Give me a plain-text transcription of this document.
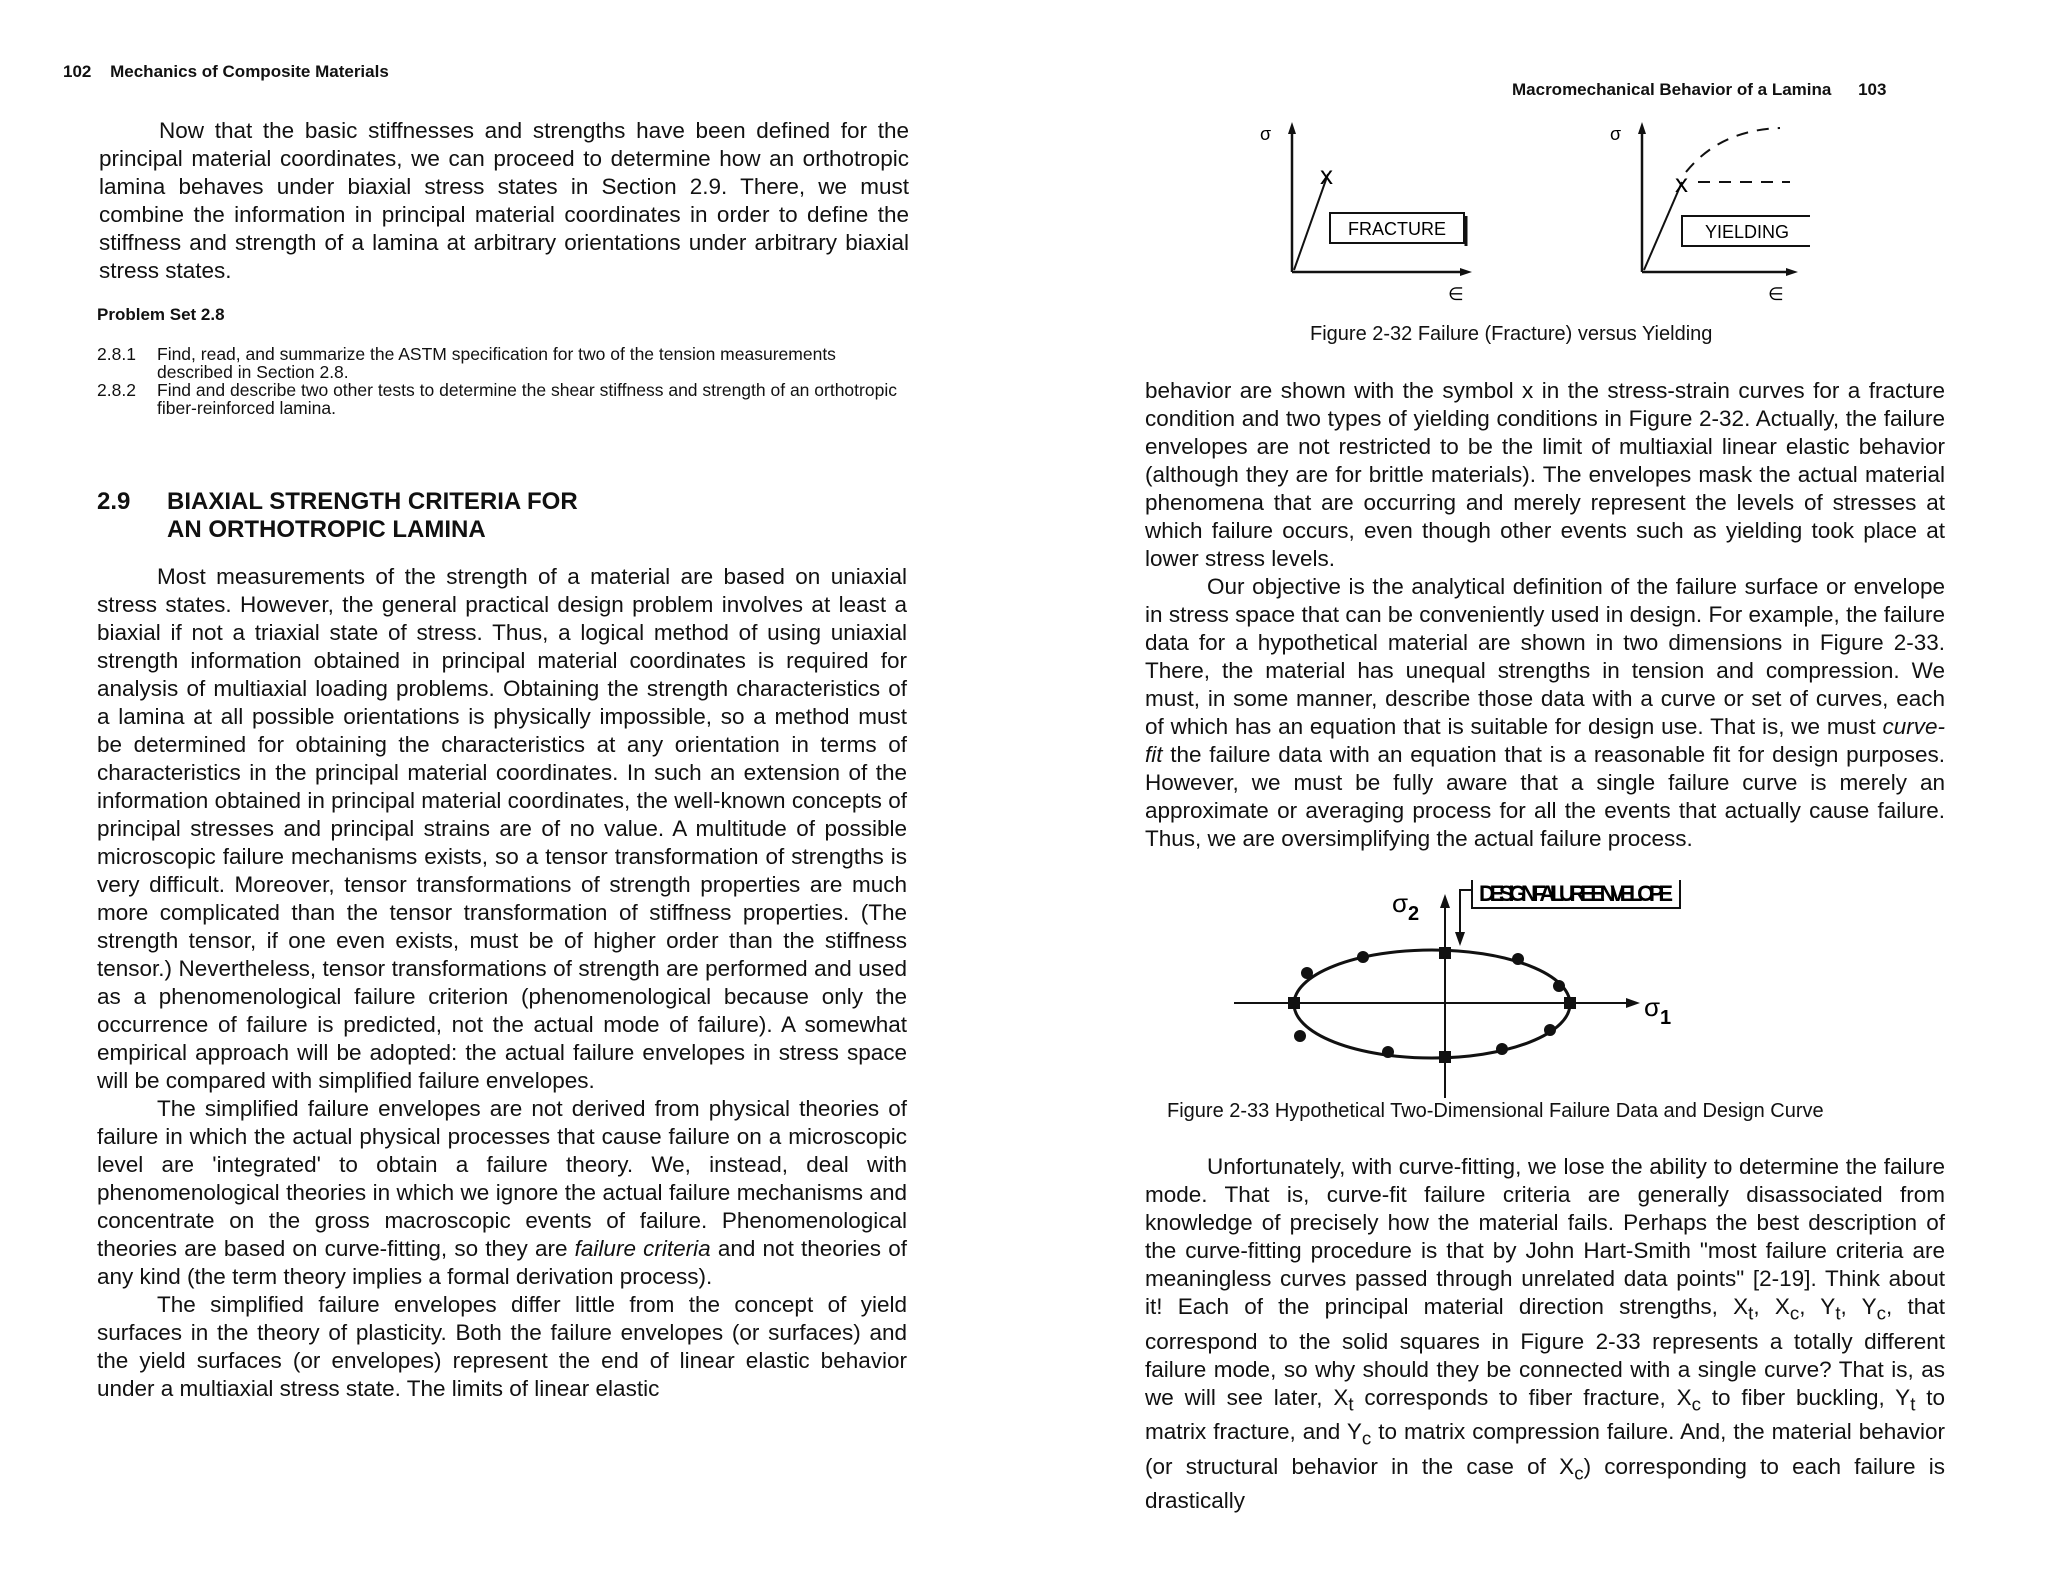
102 Mechanics of Composite Materials

Now that the basic stiffnesses and strengths have been defined for the principal material coordinates, we can proceed to determine how an orthotropic lamina behaves under biaxial stress states in Section 2.9. There, we must combine the information in principal material coordinates in order to define the stiffness and strength of a lamina at arbitrary orientations under arbitrary biaxial stress states.

Problem Set 2.8
2.8.1	Find, read, and summarize the ASTM specification for two of the tension measurements described in Section 2.8.
2.8.2	Find and describe two other tests to determine the shear stiffness and strength of an orthotropic fiber-reinforced lamina.
2.9	BIAXIAL STRENGTH CRITERIA FOR
AN ORTHOTROPIC LAMINA

Most measurements of the strength of a material are based on uniaxial stress states. However, the general practical design problem involves at least a biaxial if not a triaxial state of stress. Thus, a logical method of using uniaxial strength information obtained in principal material coordinates is required for analysis of multiaxial loading problems. Obtaining the strength characteristics of a lamina at all possible orientations is physically impossible, so a method must be determined for obtaining the characteristics at any orientation in terms of characteristics in the principal material coordinates. In such an extension of the information obtained in principal material coordinates, the well-known concepts of principal stresses and principal strains are of no value. A multitude of possible microscopic failure mechanisms exists, so a tensor transformation of strengths is very difficult. Moreover, tensor transformations of strength properties are much more complicated than the tensor transformation of stiffness properties. (The strength tensor, if one even exists, must be of higher order than the stiffness tensor.) Nevertheless, tensor transformations of strength are performed and used as a phenomenological failure criterion (phenomenological because only the occurrence of failure is predicted, not the actual mode of failure). A somewhat empirical approach will be adopted: the actual failure envelopes in stress space will be compared with simplified failure envelopes.

The simplified failure envelopes are not derived from physical theories of failure in which the actual physical processes that cause failure on a microscopic level are 'integrated' to obtain a failure theory. We, instead, deal with phenomenological theories in which we ignore the actual failure mechanisms and concentrate on the gross macroscopic events of failure. Phenomenological theories are based on curve-fitting, so they are failure criteria and not theories of any kind (the term theory implies a formal derivation process).

The simplified failure envelopes differ little from the concept of yield surfaces in the theory of plasticity. Both the failure envelopes (or surfaces) and the yield surfaces (or envelopes) represent the end of linear elastic behavior under a multiaxial stress state. The limits of linear elastic

Macromechanical Behavior of a Lamina 103
σ
x
FRACTURE
∈
σ
x
YIELDING
∈
Figure 2-32 Failure (Fracture) versus Yielding

behavior are shown with the symbol x in the stress-strain curves for a fracture condition and two types of yielding conditions in Figure 2-32. Actually, the failure envelopes are not restricted to be the limit of multiaxial linear elastic behavior (although they are for brittle materials). The envelopes mask the actual material phenomena that are occurring and merely represent the levels of stresses at which failure occurs, even though other events such as yielding took place at lower stress levels.

Our objective is the analytical definition of the failure surface or envelope in stress space that can be conveniently used in design. For example, the failure data for a hypothetical material are shown in two dimensions in Figure 2-33. There, the material has unequal strengths in tension and compression. We must, in some manner, describe those data with a curve or set of curves, each of which has an equation that is suitable for design use. That is, we must curve-fit the failure data with an equation that is a reasonable fit for design purposes. However, we must be fully aware that a single failure curve is merely an approximate or averaging process for all the events that actually cause failure. Thus, we are oversimplifying the actual failure process.

$\sigma_1$
$\sigma_2$
DESIGN FAILURE ENVELOPE
Figure 2-33 Hypothetical Two-Dimensional Failure Data and Design Curve

Unfortunately, with curve-fitting, we lose the ability to determine the failure mode. That is, curve-fit failure criteria are generally disassociated from knowledge of precisely how the material fails. Perhaps the best description of the curve-fitting procedure is that by John Hart-Smith "most failure criteria are meaningless curves passed through unrelated data points" [2-19]. Think about it! Each of the principal material direction strengths, $X_t$, $X_c$, $Y_t$, $Y_c$, that correspond to the solid squares in Figure 2-33 represents a totally different failure mode, so why should they be connected with a single curve? That is, as we will see later, $X_t$ corresponds to fiber fracture, $X_c$ to fiber buckling, $Y_t$ to matrix fracture, and $Y_c$ to matrix compression failure. And, the material behavior (or structural behavior in the case of $X_c$) corresponding to each failure is drastically
